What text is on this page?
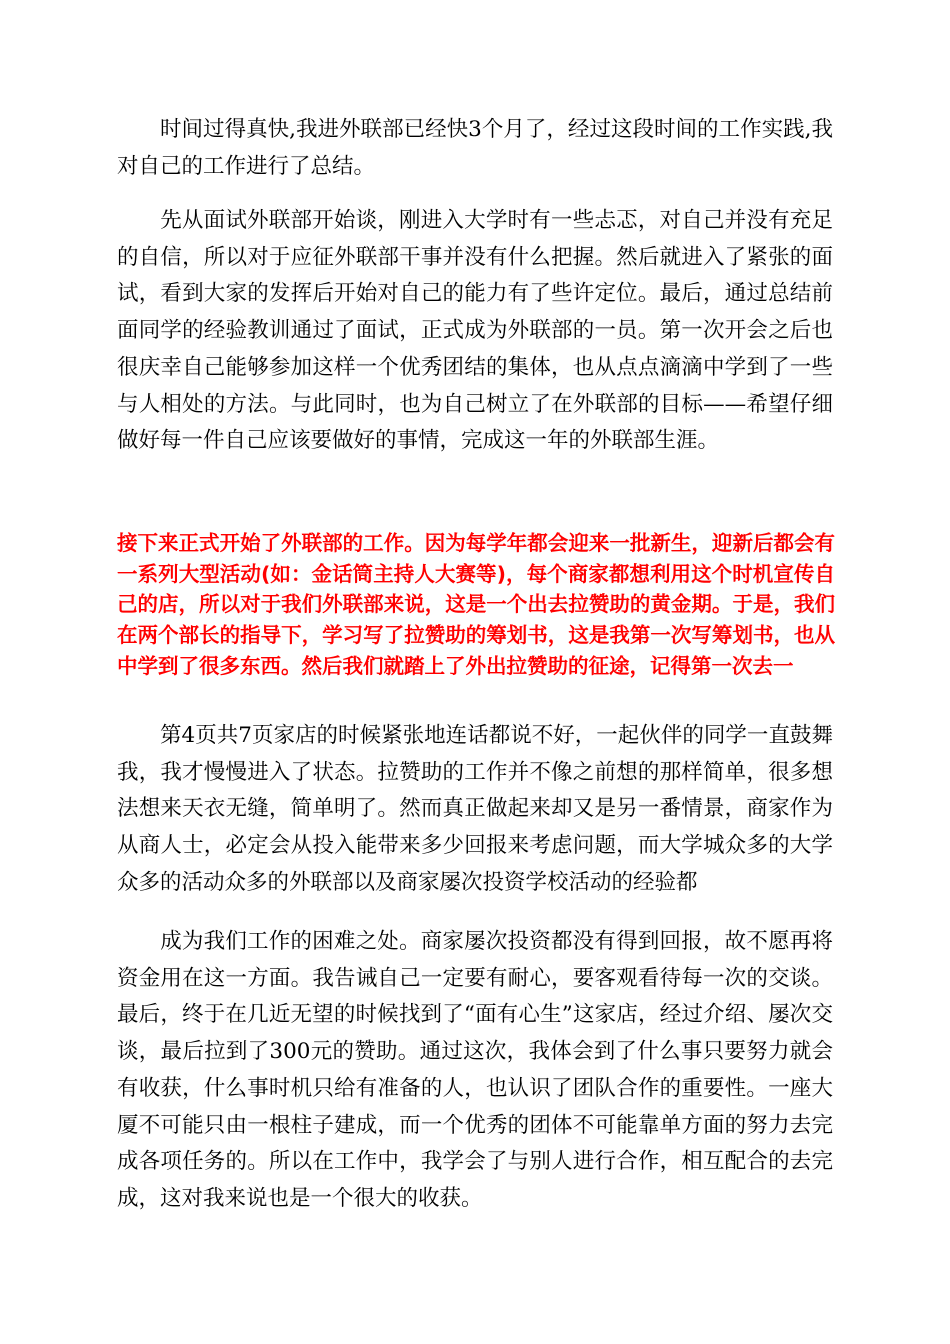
时间过得真快,我进外联部已经快3个月了，经过这段时间的工作实践,我对自己的工作进行了总结。

先从面试外联部开始谈，刚进入大学时有一些忐忑，对自己并没有充足的自信，所以对于应征外联部干事并没有什么把握。然后就进入了紧张的面试，看到大家的发挥后开始对自己的能力有了些许定位。最后，通过总结前面同学的经验教训通过了面试，正式成为外联部的一员。第一次开会之后也很庆幸自己能够参加这样一个优秀团结的集体，也从点点滴滴中学到了一些与人相处的方法。与此同时，也为自己树立了在外联部的目标——希望仔细做好每一件自己应该要做好的事情，完成这一年的外联部生涯。

接下来正式开始了外联部的工作。因为每学年都会迎来一批新生，迎新后都会有一系列大型活动(如：金话筒主持人大赛等)，每个商家都想利用这个时机宣传自己的店，所以对于我们外联部来说，这是一个出去拉赞助的黄金期。于是，我们在两个部长的指导下，学习写了拉赞助的筹划书，这是我第一次写筹划书，也从中学到了很多东西。然后我们就踏上了外出拉赞助的征途，记得第一次去一

第4页共7页家店的时候紧张地连话都说不好，一起伙伴的同学一直鼓舞我，我才慢慢进入了状态。拉赞助的工作并不像之前想的那样简单，很多想法想来天衣无缝，简单明了。然而真正做起来却又是另一番情景，商家作为从商人士，必定会从投入能带来多少回报来考虑问题，而大学城众多的大学众多的活动众多的外联部以及商家屡次投资学校活动的经验都

成为我们工作的困难之处。商家屡次投资都没有得到回报，故不愿再将资金用在这一方面。我告诫自己一定要有耐心，要客观看待每一次的交谈。最后，终于在几近无望的时候找到了“面有心生”这家店，经过介绍、屡次交谈，最后拉到了300元的赞助。通过这次，我体会到了什么事只要努力就会有收获，什么事时机只给有准备的人，也认识了团队合作的重要性。一座大厦不可能只由一根柱子建成，而一个优秀的团体不可能靠单方面的努力去完成各项任务的。所以在工作中，我学会了与别人进行合作，相互配合的去完成，这对我来说也是一个很大的收获。
